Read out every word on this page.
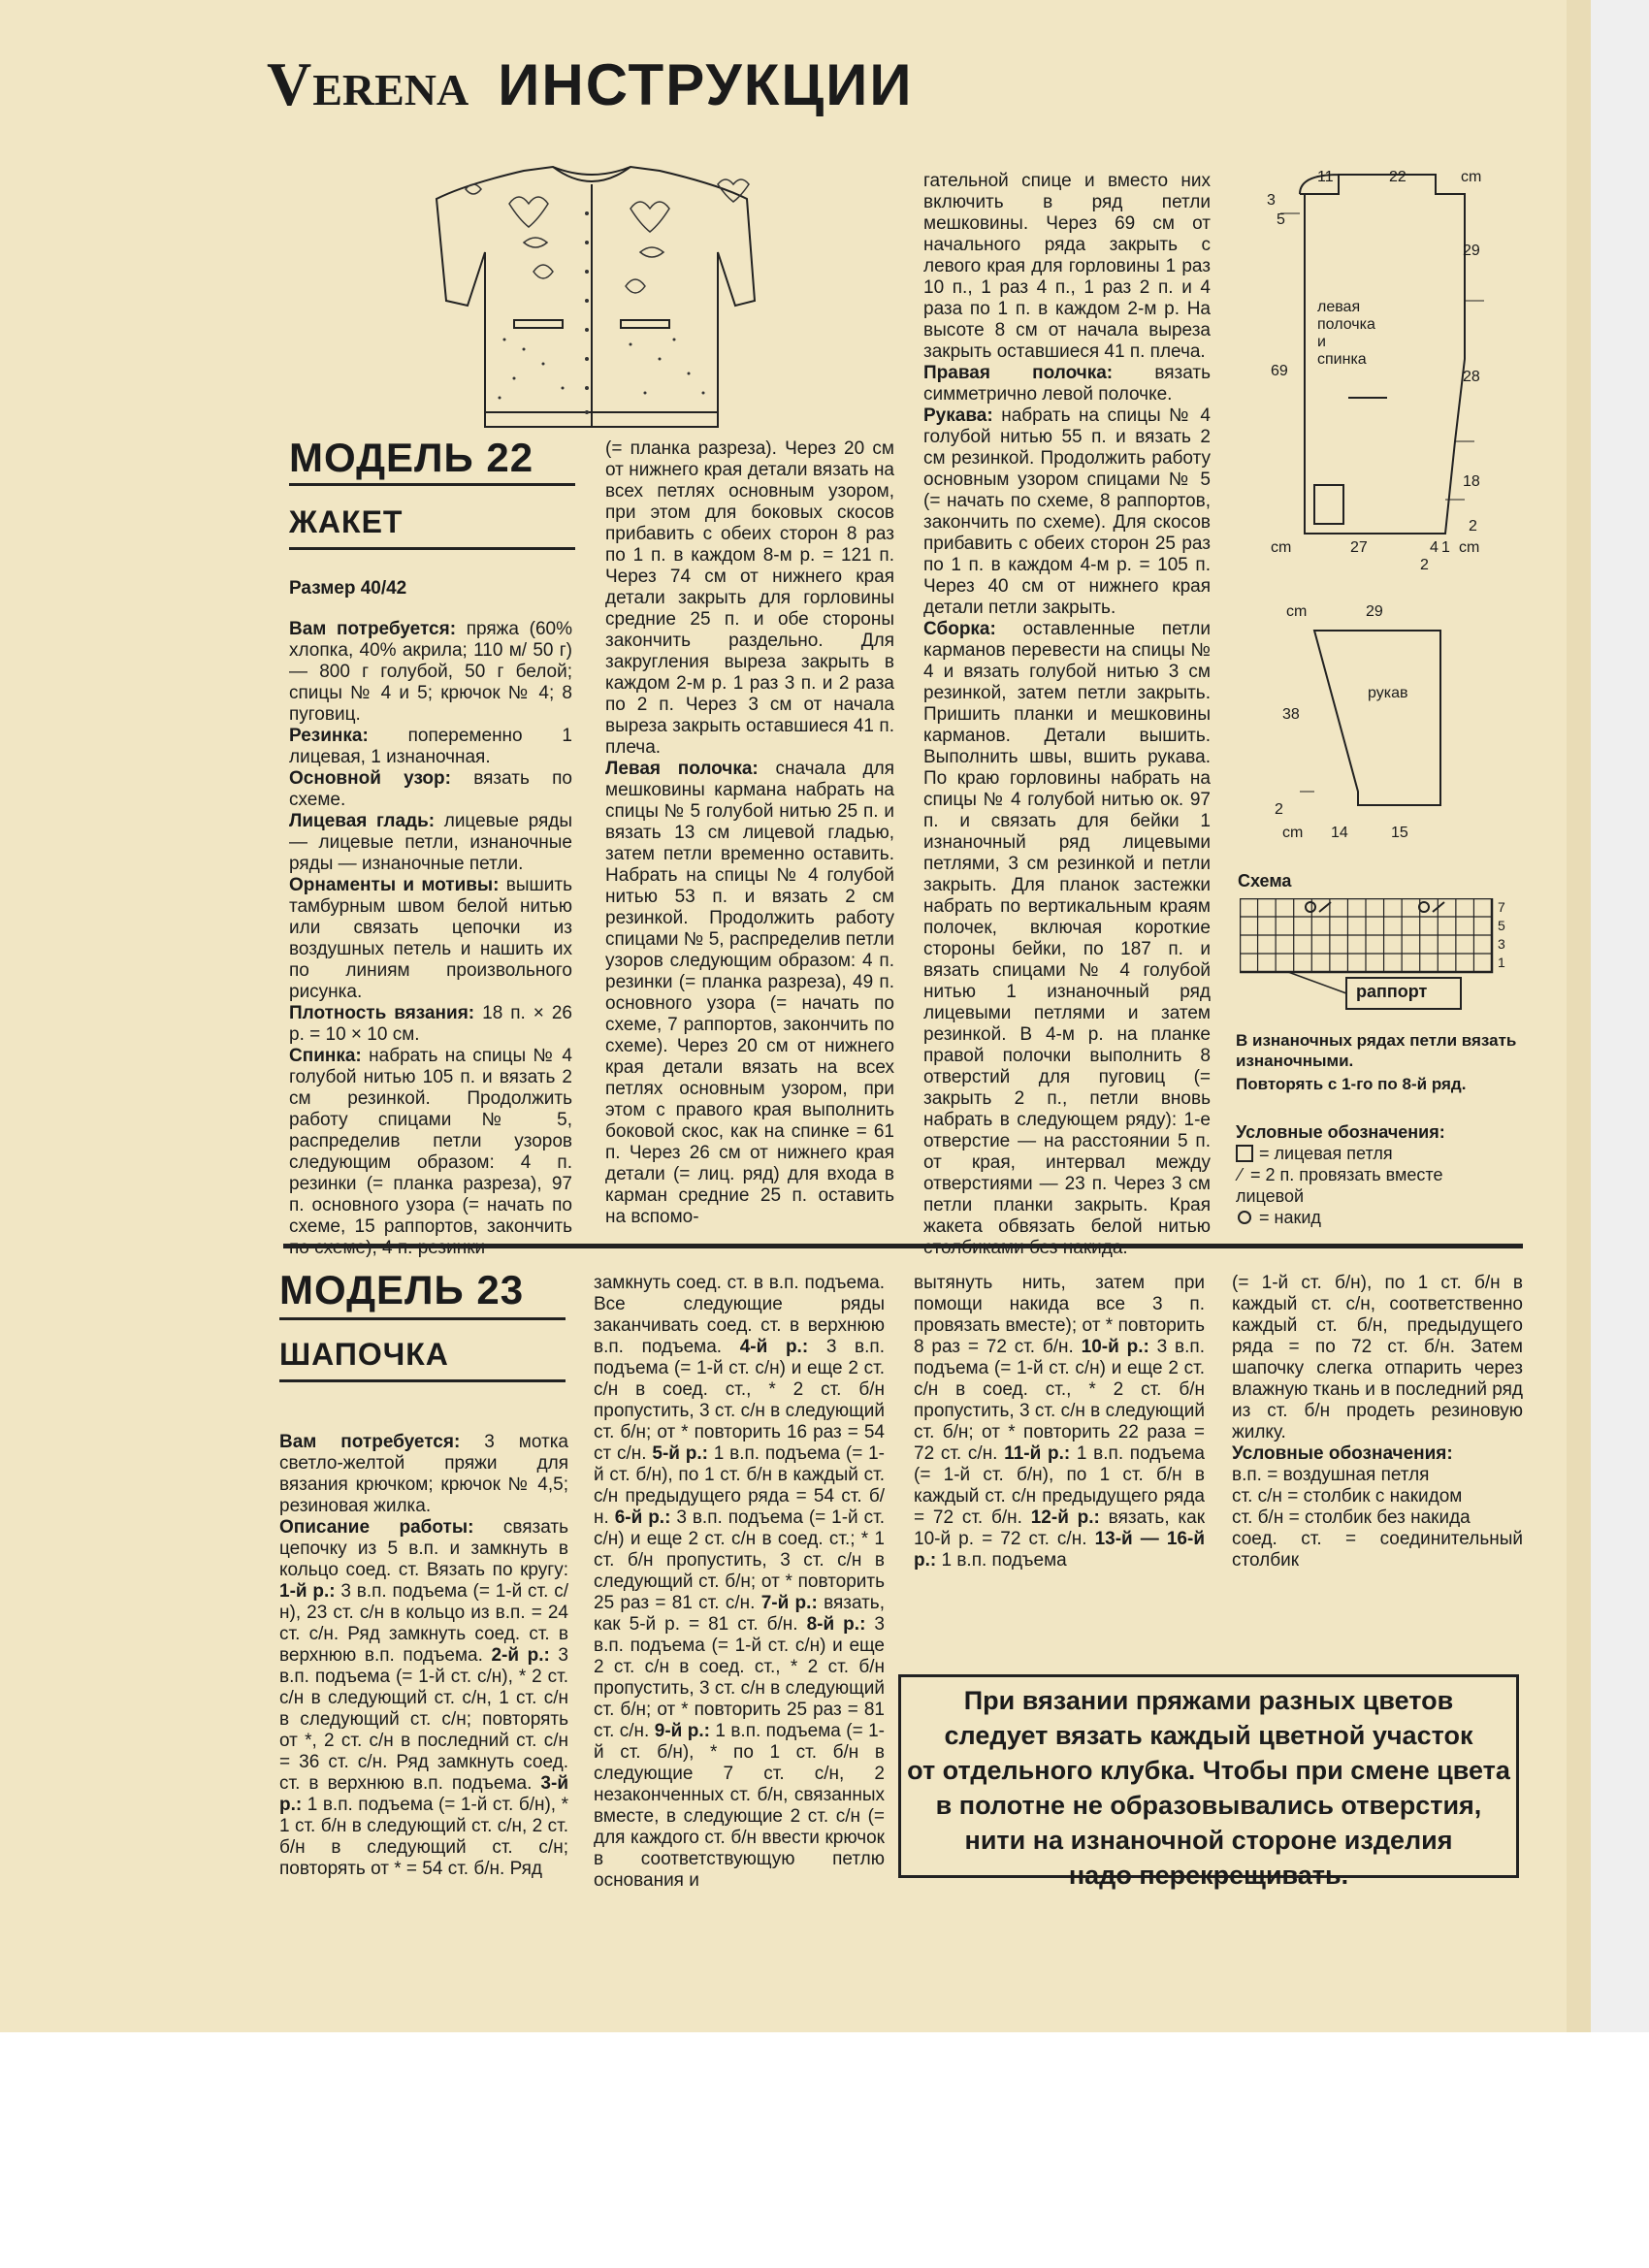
VERENA ИНСТРУКЦИИ
МОДЕЛЬ 22
ЖАКЕТ
Размер 40/42

Вам потребуется: пряжа (60% хлопка, 40% акрила; 110 м/ 50 г) — 800 г голубой, 50 г белой; спицы № 4 и 5; крючок № 4; 8 пуговиц.

Резинка: попеременно 1 лицевая, 1 изнаночная.

Основной узор: вязать по схеме.

Лицевая гладь: лицевые ряды — лицевые петли, изнаночные ряды — изнаночные петли.

Орнаменты и мотивы: вышить тамбурным швом белой нитью или связать цепочки из воздушных петель и нашить их по линиям произвольного рисунка.

Плотность вязания: 18 п. × 26 р. = 10 × 10 см.

Спинка: набрать на спицы № 4 голубой нитью 105 п. и вязать 2 см резинкой. Продолжить работу спицами № 5, распределив петли узоров следующим образом: 4 п. резинки (= планка разреза), 97 п. основного узора (= начать по схеме, 15 раппортов, закончить

(= планка разреза). Через 20 см от нижнего края детали вязать на всех петлях основным узором, при этом для боковых скосов прибавить с обеих сторон 8 раз по 1 п. в каждом 8-м р. = 121 п. Через 74 см от нижнего края детали закрыть для горловины средние 25 п. и обе стороны закончить раздельно. Для закругления выреза закрыть в каждом 2-м р. 1 раз 3 п. и 2 раза по 2 п. Через 3 см от начала выреза закрыть оставшиеся 41 п. плеча.

Левая полочка: сначала для мешковины кармана набрать на спицы № 5 голубой нитью 25 п. и вязать 13 см лицевой гладью, затем петли временно оставить. Набрать на спицы № 4 голубой нитью 53 п. и вязать 2 см резинкой. Продолжить работу спицами № 5, распределив петли узоров следующим образом: 4 п. резинки (= планка разреза), 49 п. основного узора (= начать по схеме, 7 раппортов, закончить по схеме). Через 20 см от нижнего края детали вязать на всех петлях основным узором, при этом с правого края выполнить боковой скос, как на спинке = 61 п. Через 26 см от нижнего края детали (= лиц. ряд) для входа в карман средние 25 п. оставить на вспомо-

гательной спице и вместо них включить в ряд петли мешковины. Через 69 см от начального ряда закрыть с левого края для горловины 1 раз 10 п., 1 раз 4 п., 1 раз 2 п. и 4 раза по 1 п. в каждом 2-м р. На высоте 8 см от начала выреза закрыть оставшиеся 41 п. плеча.

Правая полочка: вязать симметрично левой полочке.

Рукава: набрать на спицы № 4 голубой нитью 55 п. и вязать 2 см резинкой. Продолжить работу основным узором спицами № 5 (= начать по схеме, 8 раппортов, закончить по схеме). Для скосов прибавить с обеих сторон 25 раз по 1 п. в каждом 4-м р. = 105 п. Через 40 см от нижнего края детали петли закрыть.

Сборка: оставленные петли карманов перевести на спицы № 4 и вязать голубой нитью 3 см резинкой, затем петли закрыть. Пришить планки и мешковины карманов. Детали вышить. Выполнить швы, вшить рукава. По краю горловины набрать на спицы № 4 голубой нитью ок. 97 п. и связать для бейки 1 изнаночный ряд лицевыми петлями, 3 см резинкой и петли закрыть. Для планок застежки набрать по вертикальным краям полочек, включая короткие стороны бейки, по 187 п. и вязать спицами № 4 голубой нитью 1 изнаночный ряд лицевыми петлями и затем резинкой. В 4-м р. на планке правой полочки выполнить 8 отверстий для пуговиц (= закрыть 2 п., петли вновь набрать в следующем ряду): 1-е отверстие — на расстоянии 5 п. от края, интервал между отверстиями — 23 п. Через 3 см петли планки закрыть. Края жакета обвязать белой нитью

11	22	cm
3
5
69
29
28
18
2
левая
полочка
и
спинка
cm	27	4 1 cm
2
cm	29
38
2
рукав
cm 14	15
Схема
7
5
3
1
раппорт
В изнаночных рядах петли вязать изнаночными.
Повторять с 1-го по 8-й ряд.
Условные обозначения:
= лицевая петля
⁄ = 2 п. провязать вместе
лицевой
= накид
МОДЕЛЬ 23
ШАПОЧКА

Вам потребуется: 3 мотка светло-желтой пряжи для вязания крючком; крючок № 4,5; резиновая жилка.

Описание работы: связать цепочку из 5 в.п. и замкнуть в кольцо соед. ст. Вязать по кругу: 1-й р.: 3 в.п. подъема (= 1-й ст. с/н), 23 ст. с/н в кольцо из в.п. = 24 ст. с/н. Ряд замкнуть соед. ст. в верхнюю в.п. подъема. 2-й р.: 3 в.п. подъема (= 1-й ст. с/н), * 2 ст. с/н в следующий ст. с/н, 1 ст. с/н в следующий ст. с/н; повторять от *, 2 ст. с/н в последний ст. с/н = 36 ст. с/н. Ряд замкнуть соед. ст. в верхнюю в.п. подъема. 3-й р.: 1 в.п. подъема (= 1-й ст. б/н), * 1 ст. б/н в следующий ст. с/н, 2 ст. б/н в следующий ст. с/н; повторять от * = 54 ст. б/н. Ряд

замкнуть соед. ст. в в.п. подъема. Все следующие ряды заканчивать соед. ст. в верхнюю в.п. подъема. 4-й р.: 3 в.п. подъема (= 1-й ст. с/н) и еще 2 ст. с/н в соед. ст., * 2 ст. б/н пропустить, 3 ст. с/н в следующий ст. б/н; от * повторить 16 раз = 54 ст с/н. 5-й р.: 1 в.п. подъема (= 1-й ст. б/н), по 1 ст. б/н в каждый ст. с/н предыдущего ряда = 54 ст. б/н. 6-й р.: 3 в.п. подъема (= 1-й ст. с/н) и еще 2 ст. с/н в соед. ст.; * 1 ст. б/н пропустить, 3 ст. с/н в следующий ст. б/н; от * повторить 25 раз = 81 ст. с/н. 7-й р.: вязать, как 5-й р. = 81 ст. б/н. 8-й р.: 3 в.п. подъема (= 1-й ст. с/н) и еще 2 ст. с/н в соед. ст., * 2 ст. б/н пропустить, 3 ст. с/н в следующий ст. б/н; от * повторить 25 раз = 81 ст. с/н. 9-й р.: 1 в.п. подъема (= 1-й ст. б/н), * по 1 ст. б/н в следующие 7 ст. с/н, 2 незаконченных ст. б/н, связанных вместе, в следующие 2 ст. с/н (= для каждого ст. б/н ввести крючок в соответствующую петлю основания и

вытянуть нить, затем при помощи накида все 3 п. провязать вместе); от * повторить 8 раз = 72 ст. б/н. 10-й р.: 3 в.п. подъема (= 1-й ст. с/н) и еще 2 ст. с/н в соед. ст., * 2 ст. б/н пропустить, 3 ст. с/н в следующий ст. б/н; от * повторить 22 раза = 72 ст. с/н. 11-й р.: 1 в.п. подъема (= 1-й ст. б/н), по 1 ст. б/н в каждый ст. с/н предыдущего ряда = 72 ст. б/н. 12-й р.: вязать, как 10-й р. = 72 ст. с/н. 13-й — 16-й р.: 1 в.п. подъема

(= 1-й ст. б/н), по 1 ст. б/н в каждый ст. с/н, соответственно каждый ст. б/н, предыдущего ряда = по 72 ст. б/н. Затем шапочку слегка отпарить через влажную ткань и в последний ряд из ст. б/н продеть резиновую жилку.

Условные обозначения:

в.п. = воздушная петля

ст. с/н = столбик с накидом

ст. б/н = столбик без накида

соед. ст. = соединительный столбик

При вязании пряжами разных цветов
следует вязать каждый цветной участок
от отдельного клубка. Чтобы при смене цвета
в полотне не образовывались отверстия,
нити на изнаночной стороне изделия
надо перекрещивать.
